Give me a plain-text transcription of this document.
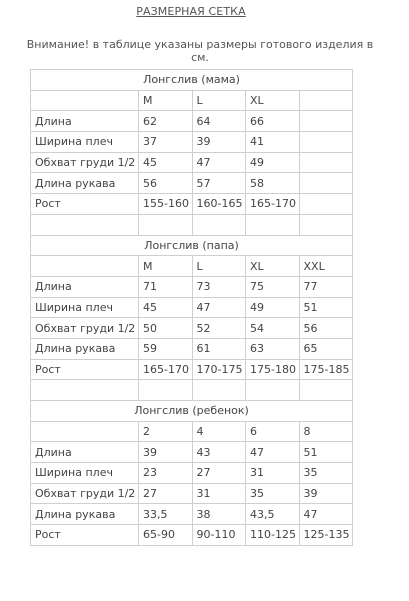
РАЗМЕРНАЯ СЕТКА
Внимание! в таблице указаны размеры готового изделия в см.
Лонгслив (мама)				
	M	L	XL	
Длина	62	64	66	
Ширина плеч	37	39	41	
Обхват груди 1/2	45	47	49	
Длина рукава	56	57	58	
Рост	155-160	160-165	165-170	

Лонгслив (папа)				
	M	L	XL	XXL
Длина	71	73	75	77
Ширина плеч	45	47	49	51
Обхват груди 1/2	50	52	54	56
Длина рукава	59	61	63	65
Рост	165-170	170-175	175-180	175-185

Лонгслив (ребенок)				
	2	4	6	8
Длина	39	43	47	51
Ширина плеч	23	27	31	35
Обхват груди 1/2	27	31	35	39
Длина рукава	33,5	38	43,5	47
Рост	65-90	90-110	110-125	125-135
